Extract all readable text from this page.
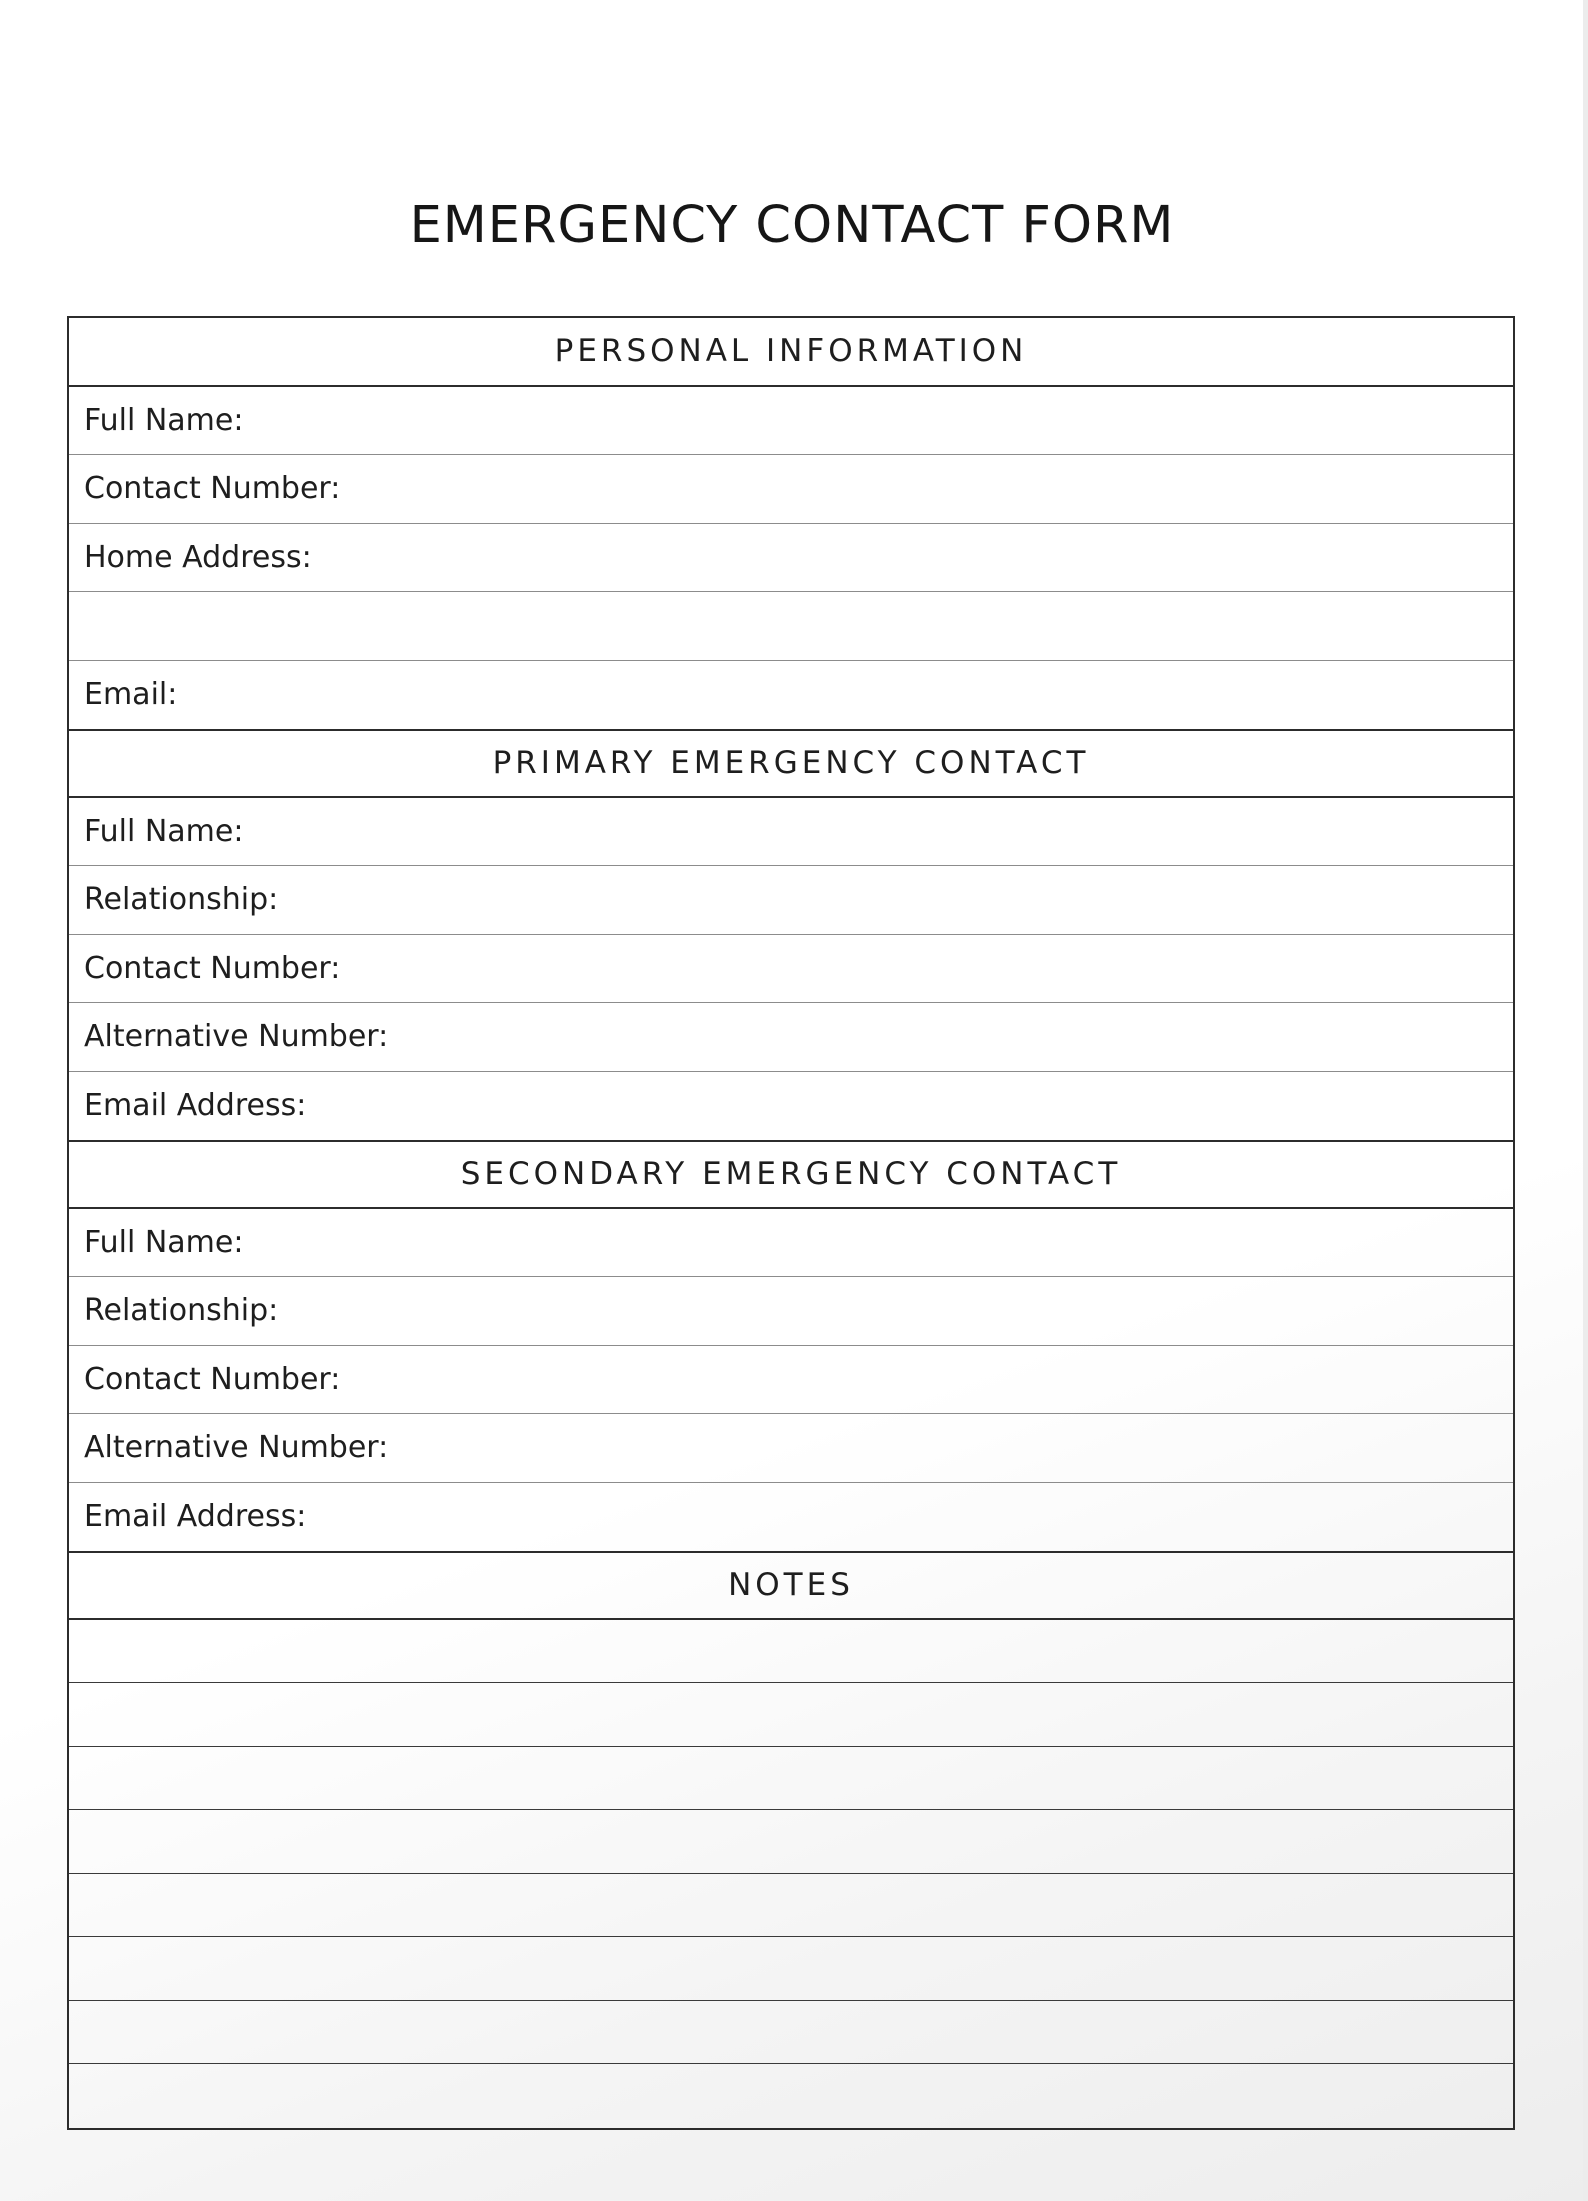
EMERGENCY CONTACT FORM
PERSONAL INFORMATION
Full Name:
Contact Number:
Home Address:
Email:
PRIMARY EMERGENCY CONTACT
Full Name:
Relationship:
Contact Number:
Alternative Number:
Email Address:
SECONDARY EMERGENCY CONTACT
Full Name:
Relationship:
Contact Number:
Alternative Number:
Email Address:
NOTES
